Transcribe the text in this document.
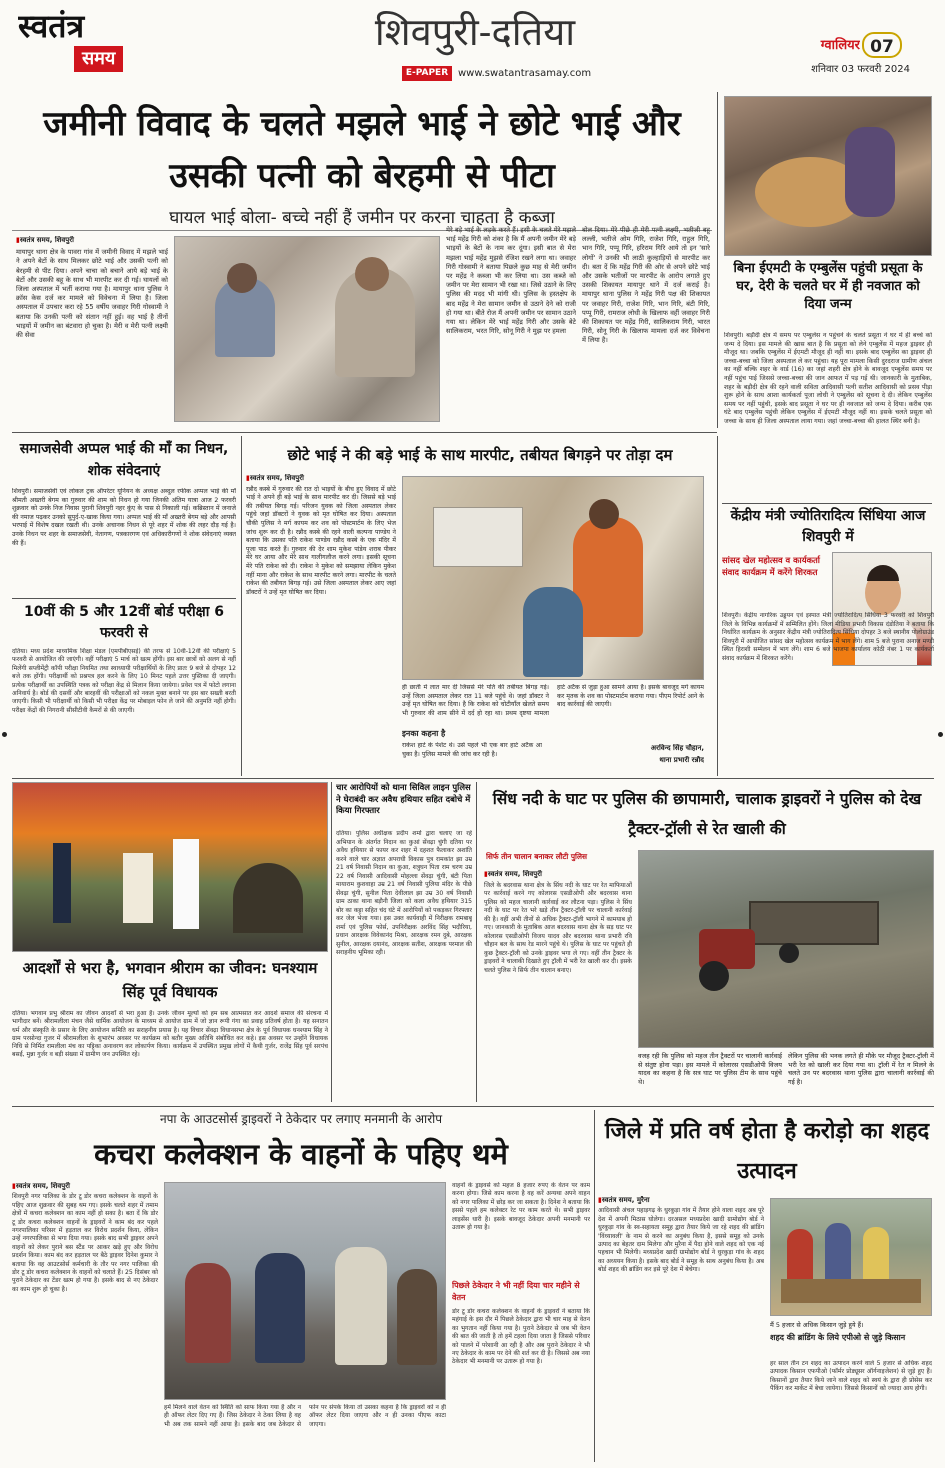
स्वतंत्र
समय
शिवपुरी-दतिया
E-PAPER www.swatantrasamay.com
ग्वालियर 07
शनिवार 03 फरवरी 2024
जमीनी विवाद के चलते मझले भाई ने छोटे भाई और उसकी पत्नी को बेरहमी से पीटा
घायल भाई बोला- बच्चे नहीं हैं जमीन पर करना चाहता है कब्जा
▮ स्वतंत्र समय, शिवपुरी
मायापुर थाना क्षेत्र के पावरा गांव में जमीनी विवाद में मझले भाई ने अपने बेटों के साथ मिलकर छोटे भाई और उसकी पत्नी को बेरहमी से पीट दिया। अपने चाचा को बचाने आये बड़े भाई के बेटों और उसकी बहू के साथ भी मारपीट कर दी गई। घायलों को जिला अस्पताल में भर्ती कराया गया है। मायापुर थाना पुलिस ने क्रॉस केस दर्ज कर मामले को विवेचना में लिया है। जिला अस्पताल में उपचार करा रहे 55 वर्षीय जवाहर गिरी गोस्वामी ने बताया कि उनकी पत्नी को संतान नहीं हुई। वह भाई है तीनों भाइयों में जमीन का बंटवारा हो चुका है। मेरी व मेरी पत्नी लक्ष्मी की सेवा
मेरे बड़े भाई के लड़के करते हैं। इसी के चलते मेरे मझले भाई महेंद्र गिरी को शंका है कि मैं अपनी जमीन मेरे बड़े भाइयों के बेटों के नाम कर दूंगा। इसी बात से मेरा मझला भाई महेंद्र मुझसे रंजिश रखने लगा था। जवाहर गिरी गोस्वामी ने बताया पिछले कुछ माह से मेरी जमीन पर महेंद्र ने कब्जा भी कर लिया था। उस कब्जे को जमीन पर मेरा सामान भी रखा था। जिसे उठाने के लिए पुलिस की मदद भी मांगी थी। पुलिस के हस्तक्षेप के बाद महेंद्र ने मेरा सामान जमीन से उठाने देने को राजी हो गया था। बीते रोज मैं अपनी जमीन पर सामान उठाने गया था। लेकिन मेरे भाई महेंद्र गिरी और उसके बेटे सालिकराम, भरत गिरि, सोनू गिरी ने मुझ पर हमला
बोल दिया। मेरे पीछे ही मेरी पत्नी लक्ष्मी, भतीजी बहू लल्ली, भतीजे ओम गिरि, राजेश गिरि, राहुल गिरि, भान गिरि, पप्पू गिरि, हरिराम गिरि आये तो इन 'सारे लोगों' ने उनकी भी लाठी कुल्हाड़ियों से मारपीट कर दी। बता दें कि महेंद्र गिरी की ओर से अपने छोटे भाई और उसके भतीजों पर मारपीट के आरोप लगाते हुए उसकी शिकायत मायापुर थाने में दर्ज कराई है। मायापुर थाना पुलिस ने महेंद्र गिरी पक्ष की शिकायत पर जवाहर गिरी, राजेश गिरि, भान गिरि, बंटी गिरि, पप्पू गिरी, रामराज लोधी के खिलाफ वहीं जवाहर गिरी की शिकायत पर महेंद्र गिरी, सालिकराम गिरी, भारत गिरी, सोनू गिरी के खिलाफ मामला दर्ज कर विवेचना में लिया है।
बिना ईएमटी के एम्बुलेंस पहुंची प्रसूता के घर, देरी के चलते घर में ही नवजात को दिया जन्म
शिवपुरी। बड़ौदी क्षेत्र में समय पर एम्बुलेंस न पहुंचने के चलते प्रसूता ने घर में ही बच्चे को जन्म दे दिया। इस मामले की खास बात है कि प्रसूता को लेने एम्बुलेंस में महज ड्राइवर ही मौजूद था। जबकि एम्बुलेंस में ईएमटी मौजूद ही नहीं था। इसके बाद एम्बुलेंस का ड्राइवर ही जच्चा-बच्चा को जिला अस्पताल ले कर पहुंचा। यह पूरा मामला किसी दुरदराज ग्रामीण अंचल का नहीं बल्कि शहर के वार्ड (16) का जहां शहरी क्षेत्र होने के बावजूद एम्बुलेंस समय पर नहीं पहुंच पाई जिससे जच्चा-बच्चा की जान आफत में पड़ गई थी। जानकारी के मुताबिक, शहर के बड़ौदी क्षेत्र की रहने वाली सविता आदिवासी पत्नी सतीश आदिवासी को प्रसव पीड़ा शुरू होने के साथ आशा कार्यकर्ता पूजा लोधी ने एम्बुलेंस को सूचना दे दी। लेकिन एम्बुलेंस समय पर नहीं पहुंची, इसके बाद प्रसूता ने घर पर ही नवजात को जन्म दे दिया। करीब एक घंटे बाद एम्बुलेंस पहुंची लेकिन एम्बुलेंस में ईएमटी मौजूद नहीं था। इसके चलते प्रसूता को जच्चा के साथ ही जिला अस्पताल लाया गया। जहां जच्चा-बच्चा की हालत स्थिर बनी है।
समाजसेवी अप्पल भाई की माँ का निधन, शोक संवेदनाएं
शिवपुरी। समाजसेवी एवं लोकल ट्रक ऑपरेटर यूनियन के अध्यक्ष अब्दुल रफीक अप्पल भाई की माँ श्रीमती अख्तरी बेगम का गुरुवार की शाम को निधन हो गया जिनकी अंतिम यात्रा आज 2 फरवरी शुक्रवार को उनके निज निवास पुरानी शिवपुरी नहर कुंए के पास से निकाली गई। कब्रिस्तान में जनाजे की नमाज पढ़कर उनको सुपुर्द-ए-खाक किया गया। अप्पल भाई की माँ अख्तरी बेगम बड़े और आपसी भरपाई में विशेष दखल रखती थी। उनके अचानक निधन से पूरे शहर में शोक की लहर दौड़ गई है। उनके निधन पर शहर के समाजसेवी, नेतागण, पत्रकारगण एवं अधिकारीगणों ने शोक संवेदनाएं व्यक्त की हैं।
10वीं की 5 और 12वीं बोर्ड परीक्षा 6 फरवरी से
दतिया। मध्य प्रदेश माध्यमिक शिक्षा मंडल (एमपीबीएसई) की तरफ से 10वीं-12वीं की परीक्षाएं 5 फरवरी से आयोजित की जाएंगी। वहीं परीक्षाएं 5 मार्च को खत्म होंगी। इस बार छात्रों को अलग से नहीं मिलेंगी सप्लीमेंट्री कॉपी परीक्षा नियमित तथा स्वाध्यायी परीक्षार्थियों के लिए प्रातः 9 बजे से दोपहर 12 बजे तक होंगी। परीक्षार्थी को प्रश्नपत्र हल करने के लिए 10 मिनट पहले उत्तर पुस्तिका दी जाएगी। प्रत्येक परीक्षार्थी का उपस्थिति पत्रक को परीक्षा केंद्र से मिलान किया जायेगा। प्रवेश पत्र में फोटो लगाना अनिवार्य है। बोर्ड की दसवीं और बारहवीं की परीक्षाओं को नकल मुक्त बनाने पर इस बार सख्ती बरती जाएगी। किसी भी परीक्षार्थी को किसी भी परीक्षा केंद्र पर मोबाइल फोन ले जाने की अनुमति नहीं होगी। परीक्षा केंद्रों की निगरानी सीसीटीवी कैमरों से की जाएगी।
छोटे भाई ने की बड़े भाई के साथ मारपीट, तबीयत बिगड़ने पर तोड़ा दम
▮ स्वतंत्र समय, शिवपुरी
रन्नौद कस्बे में गुरुवार की रात दो भाइयों के बीच हुए विवाद में छोटे भाई ने अपने ही बड़े भाई के साथ मारपीट कर दी। जिससे बड़े भाई की तबीयत बिगड़ गई। परिजन युवक को जिला अस्पताल लेकर पहुंचे जहां डॉक्टरों ने युवक को मृत घोषित कर दिया। अस्पताल चौकी पुलिस ने मर्ग कायम कर शव को पोस्टमार्टम के लिए भेज जांच शुरू कर दी है। रन्नौद कस्बे की रहने वाली कल्पना पाण्डेय ने बताया कि उसका पति राकेश पाण्डेय रन्नौद कस्बे के एक मंदिर में पूजा पाठ करते हैं। गुरुवार की देर शाम मुकेश पांडेय शराब पीकर मेरे घर आया और मेरे साथ गालीगलौज करने लगा। इसकी सूचना मेरे पति राकेश को दी। राकेश ने मुकेश को समझाया लेकिन मुकेश नहीं माना और राकेश के साथ मारपीट करने लगा। मारपीट के चलते राकेश की तबीयत बिगड़ गई। उसे जिला अस्पताल लेकर आए जहां डॉक्टरों ने उन्हें मृत घोषित कर दिया।
ही छाती में लात मार दी जिससे मेरे पति की तबीयत बिगड़ गई। उन्हें जिला अस्पताल लेकर रात 11 बजे पहुंचे थे। जहां डॉक्टर ने उन्हें मृत घोषित कर दिया। है कि राकेश को चोटीयाँल खेलते समय भी गुरुवार की शाम सीने में दर्द हो रहा था। प्रथम दृष्टया मामला हार्ट अटैक से जुड़ा हुआ सामने आया है। इसके बावजूद मर्ग कायम कर मृतक के शव का पोस्टमार्टम कराया गया। पीएम रिपोर्ट आने के बाद कार्रवाई की जाएगी।
इनका कहना है
राकेश हार्ट के पेशेंट थे। उसे पहले भी एक बार हार्ट अटैक आ चुका है। पुलिस मामले की जांच कर रही है।
अरविन्द सिंह चौहान,
थाना प्रभारी रन्नौद
केंद्रीय मंत्री ज्योतिरादित्य सिंधिया आज शिवपुरी में
सांसद खेल महोत्सव व कार्यकर्ता संवाद कार्यक्रम में करेंगे शिरकत
शिवपुरी। केंद्रीय नागरिक उड्डयन एवं इस्पात मंत्री ज्योतिरादित्य सिंधिया 3 फरवरी को शिवपुरी जिले के विभिन्न कार्यक्रमों में सम्मिलित होंगे। जिला मीडिया प्रभारी विकास दंडोतिया ने बताया कि निर्धारित कार्यक्रम के अनुसार केंद्रीय मंत्री ज्योतिरादित्य सिंधिया दोपहर 3 बजे स्थानीय पोलोग्राउंड शिवपुरी में आयोजित सांसद खेल महोत्सव कार्यक्रम में भाग लेंगे। शाम 5 बजे पुराना अनाज मण्डी स्थित हिराशी सम्मेलन में भाग लेंगे। शाम 6 बजे भाजपा कार्यालय कोठी नंबर 1 पर कार्यकर्ता संवाद कार्यक्रम में शिरकत करेंगे।
आदर्शों से भरा है, भगवान श्रीराम का जीवन: घनश्याम सिंह पूर्व विधायक
दतिया। भगवान प्रभु श्रीराम का जीवन आदर्शों से भरा हुआ है। उनके जीवन मूल्यों को हम सब आत्मसात कर आदर्श समाज की संरचना में भागीदार बनें। श्रीरामलीला मंचन जैसे धार्मिक आयोजन के माध्यम से आयोज ग्राम में जो ज्ञान रूपी गंगा का प्रवाह प्रतिवर्ष होता है। यह सनातन धर्म और संस्कृति के प्रसार के लिए आयोजन समिति का सराहनीय प्रयास है। यह विचार सेंवढ़ा विधानसभा क्षेत्र के पूर्व विधायक घनश्याम सिंह ने ग्राम परसोन्दा गुजर में श्रीरामलीला के शुभारंभ अवसर पर कार्यक्रम को बतौर मुख्य अतिथि संबोधित कर कहे। इस अवसर पर उन्होंने विधायक निधि से निर्मित रामलीला मंच का पट्टिका अनावरण कर लोकार्पण किया। कार्यक्रम में उपस्थित प्रमुख लोगों में कैथी गुर्जर, राजेंद्र सिंह पूर्व सरपंच बसईं, मुन्ना गुर्जर व बड़ी संख्या में ग्रामीण जन उपस्थित रहे।
चार आरोपियों को थाना सिविल लाइन पुलिस ने घेराबंदी कर अवैध हथियार सहित दबोचे में किया गिरफ्तार
दतिया। पुलिस अधीक्षक प्रदीप शर्मा द्वारा चलाए जा रहे अभियान के अंतर्गत निदान का कुआं सेंवढ़ा चुंगी दतिया पर अवैध हथियार से फायर कर शहर में दहशत फैलाकर अशांति करने वाले चार अज्ञात अपराधी विकास पुत्र रामकांत झा उम्र 21 वर्ष निवासी निदान का कुआ, शत्रुघन पिता राम चरण उम्र 22 वर्ष निवासी आदिवासी मोहल्ला सेंवढ़ा चुंगी, बंटी पिता मायाराम कुशवाहा उम्र 21 वर्ष निवासी पुलिया मंदिर के पीछे सेंवढ़ा चुंगी, सुनील पिता देवीलाल झा उम्र 30 वर्ष निवासी ग्राम ठाका थाना बड़ौनी जिला को कला अवैध हथियार 315 बोर का कट्टा सहित चंद घंटे में आरोपियों को पकड़कर गिरफ्तार कर जेल भेजा गया। इस उक्त कार्यवाही में निरीक्षक रामबाबू शर्मा एवं पुलिस फोर्स, उपनिरीक्षक अरविंद सिंह भदौरिया, प्रधान आरक्षक विवेकानंद मिश्रा, आरक्षक रमन दुबे, आरक्षक सुनील, आरक्षक दयानंद, आरक्षक सतीश, आरक्षक परमाल की सराहनीय भूमिका रही।
सिंध नदी के घाट पर पुलिस की छापामारी, चालाक ड्राइवरों ने पुलिस को देख ट्रैक्टर-ट्रॉली से रेत खाली की
सिर्फ तीन चालान बनाकर लौटी पुलिस
▮ स्वतंत्र समय, शिवपुरी
जिले के बदरवास थाना क्षेत्र के सिंध नदी के घाट पर रेत माफियाओं पर कार्रवाई करने गए कोलारस एसडीओपी और बदरवास थाना पुलिस को महज चालानी कार्रवाई कर लौटना पड़ा। पुलिस ने सिंध नदी के घाट पर रेत भरे खड़े तीन ट्रैक्टर-ट्रॉली पर चालानी कार्रवाई की है। वहीं अभी तीनों से अधिक ट्रैक्टर-ट्रॉली भागने में कामयाब हो गए। जानकारी के मुताबिक आज बदरवास थाना क्षेत्र के सड़ घाट पर कोलारस एसडीओपी विजय यादव और बदरवास थाना प्रभारी रवि चौहान बल के साथ रेड मारने पहुंचे थे। पुलिस के घाट पर पहुंचते ही कुछ ट्रैक्टर-ट्रॉली को उनके ड्राइवर भगा ले गए। वहीं तीन ट्रैक्टर के ड्राइवरों ने चालाकी दिखाते हुए ट्रॉली में भरी रेत खाली कर दी। इसके चलते पुलिस ने सिर्फ तीन चालान बनाए।
वजह रही कि पुलिस को महज तीन ट्रैक्टरों पर चालानी कार्रवाई से संतुष्ट होना पड़ा। इस मामले में कोलारस एसडीओपी विजय यादव का कहना है कि सत्र घाट पर पुलिस टीम के साथ पहुंचे थे।
लेकिन पुलिस की भनक लगते ही मौके पर मौजूद ट्रैक्टर-ट्रॉली में भरी रेत को खाली कर दिया गया था। ट्रॉली में रेत न मिलने के चलते उन पर बदरवास थाना पुलिस द्वारा चालानी कार्रवाई की गई है।
नपा के आउटसोर्स ड्राइवरों ने ठेकेदार पर लगाए मनमानी के आरोप
कचरा कलेक्शन के वाहनों के पहिए थमे
▮ स्वतंत्र समय, शिवपुरी
शिवपुरी नगर पालिका के डोर टू डोर कचरा कलेक्शन के वाहनों के पहिए आज शुक्रवार की सुबह थम गए। इसके चलते शहर में तमाम क्षेत्रों में कचरा कलेक्शन का काम नहीं हो सका है। बता दें कि डोर टू डोर कचरा कलेक्शन वाहनों के ड्राइवरों ने काम बंद कर पहले नगरपालिका परिसर में हड़ताल कर विरोध प्रदर्शन किया, लेकिन उन्हें नगरपालिका से भगा दिया गया। इसके बाद सभी ड्राइवर अपने वाहनों को लेकर पुराने बस स्टैंड पर आकर खड़े हुए और विरोध प्रदर्शन किया। काम बंद कर हड़ताल पर बैठे ड्राइवर दिनेश कुमार ने बताया कि वह आउटसोर्स कर्मचारी के तौर पर नगर पालिका की डोर टू डोर कचरा कलेक्शन के वाहनों को चलाते हैं। 25 दिसंबर को पुराने ठेकेदार का टेंडर खत्म हो गया है। इसके बाद से नए ठेकेदार का काम शुरू हो चुका है।
हमें मिलने वाले वेतन को स्थिति को साफ किया गया है और न ही ऑफर लेटर दिए गए हैं। जिस ठेकेदार ने ठेका लिया है वह भी अब तक सामने नहीं आया है। इसके बाद जब ठेकेदार से फोन पर संपर्क किया तो उसका कहना है कि ड्राइवरों को न ही ऑफर लेटर दिया जाएगा और न ही उनका पीएफ काटा जाएगा।
वाहनों के ड्राइवर्स को महज 8 हजार रुपए के वेतन पर काम करना होगा। जिसे काम करना है वह करें अन्यथा अपने वाहन को नगर पालिका में छोड़ कर जा सकता है। दिनेश ने बताया कि इससे पहले हम कलेक्टर रेट पर काम करते थे। सभी ड्राइवर लाइसेंस धारी है। इसके बावजूद ठेकेदार अपनी मनमानी पर उतारू हो गया है।
पिछले ठेकेदार ने भी नहीं दिया चार महीने से वेतन
डोर टू डोर कचरा कलेक्शन के वाहनों के ड्राइवरों ने बताया कि महंगाई के इस दौर में पिछले ठेकेदार द्वारा भी चार माह से वेतन का भुगतान नहीं किया गया है। पुराने ठेकेदार से जब भी वेतन की बात की जाती है तो हमें टहला दिया जाता है जिससे परिवार को पालने में परेशानी आ रही है और अब पुराने ठेकेदार ने भी नए ठेकेदार के काम पर देने की शर्त कर दी है। जिससे अब नया ठेकेदार भी मनमानी पर उतारू हो गया है।
जिले में प्रति वर्ष होता है करोड़ो का शहद उत्पादन
▮ स्वतंत्र समय, मुरैना
आदिवासी अंचल पहाड़गढ़ के धुरकुड़ा गांव में तैयार होने वाला शहद अब पूरे देश में अपनी मिठास घोलेगा। दरअसल मध्यप्रदेश खादी ग्रामोद्योग बोर्ड ने धुरकुड़ा गांव के स्व-सहायता समूह द्वारा तैयार किये जा रहे शहद की ब्रांडिंग 'विंध्यावली' के नाम से करने का अनुबंध किया है, इससे समूह को उनके उत्पाद का बेहतर दाम मिलेगा और मुरैना में पैदा होने वाले शहद को एक नई पहचान भी मिलेगी। मध्यप्रदेश खादी ग्रामोद्योग बोर्ड ने धुरकुड़ा गांव के शहद का अध्ययन किया है। इसके बाद बोर्ड ने समूह के साथ अनुबंध किया है। अब बोर्ड शहद की ब्रांडिंग कर इसे पूरे देश में बेचेगा।
मैं 5 हजार से अधिक किसान जुड़े हुये हैं।
शहद की ब्रांडिंग के लिये एपीओ से जुड़े किसान
हर साल तीन टन शहद का उत्पादन करने वाले 5 हजार से अधिक शहद उत्पादक किसान एफपीओ (फॉर्मर प्रोड्यूसर ऑर्गनाइजेशन) से जुड़े हुए हैं। किसानों द्वारा तैयार किये जाने वाले शहद को स्वयं के द्वारा ही प्रोसेस कर पैकिंग कर मार्केट में बेचा जायेगा। जिससे किसानों को ज्यादा आय होगी।
